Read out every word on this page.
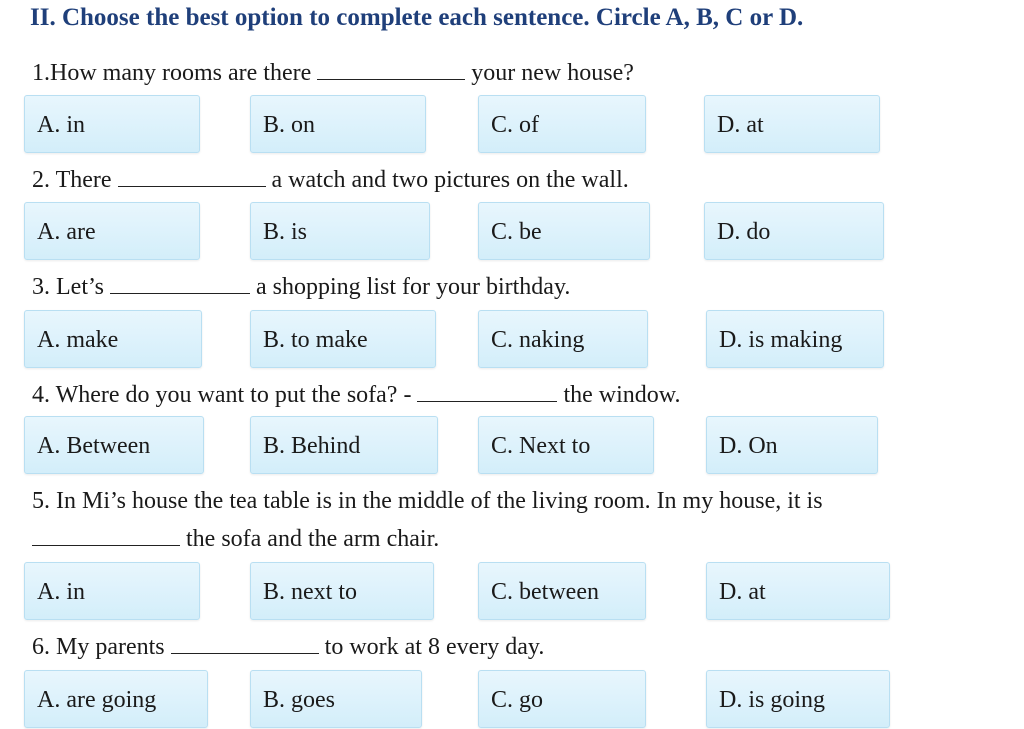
II. Choose the best option to complete each sentence. Circle A, B, C or D.
1.How many rooms are there	your new house?
A. in	B. on	C. of	D. at
2. There	a watch and two pictures on the wall.
A. are	B. is	C. be	D. do
3. Let’s	a shopping list for your birthday.
A. make	B. to make	C. naking	D. is making
4. Where do you want to put the sofa? -	the window.
A. Between	B. Behind	C. Next to	D. On
5. In Mi’s house the tea table is in the middle of the living room. In my house, it is
the sofa and the arm chair.
A. in	B. next to	C. between	D. at
6. My parents	to work at 8 every day.
A. are going	B. goes	C. go	D. is going
